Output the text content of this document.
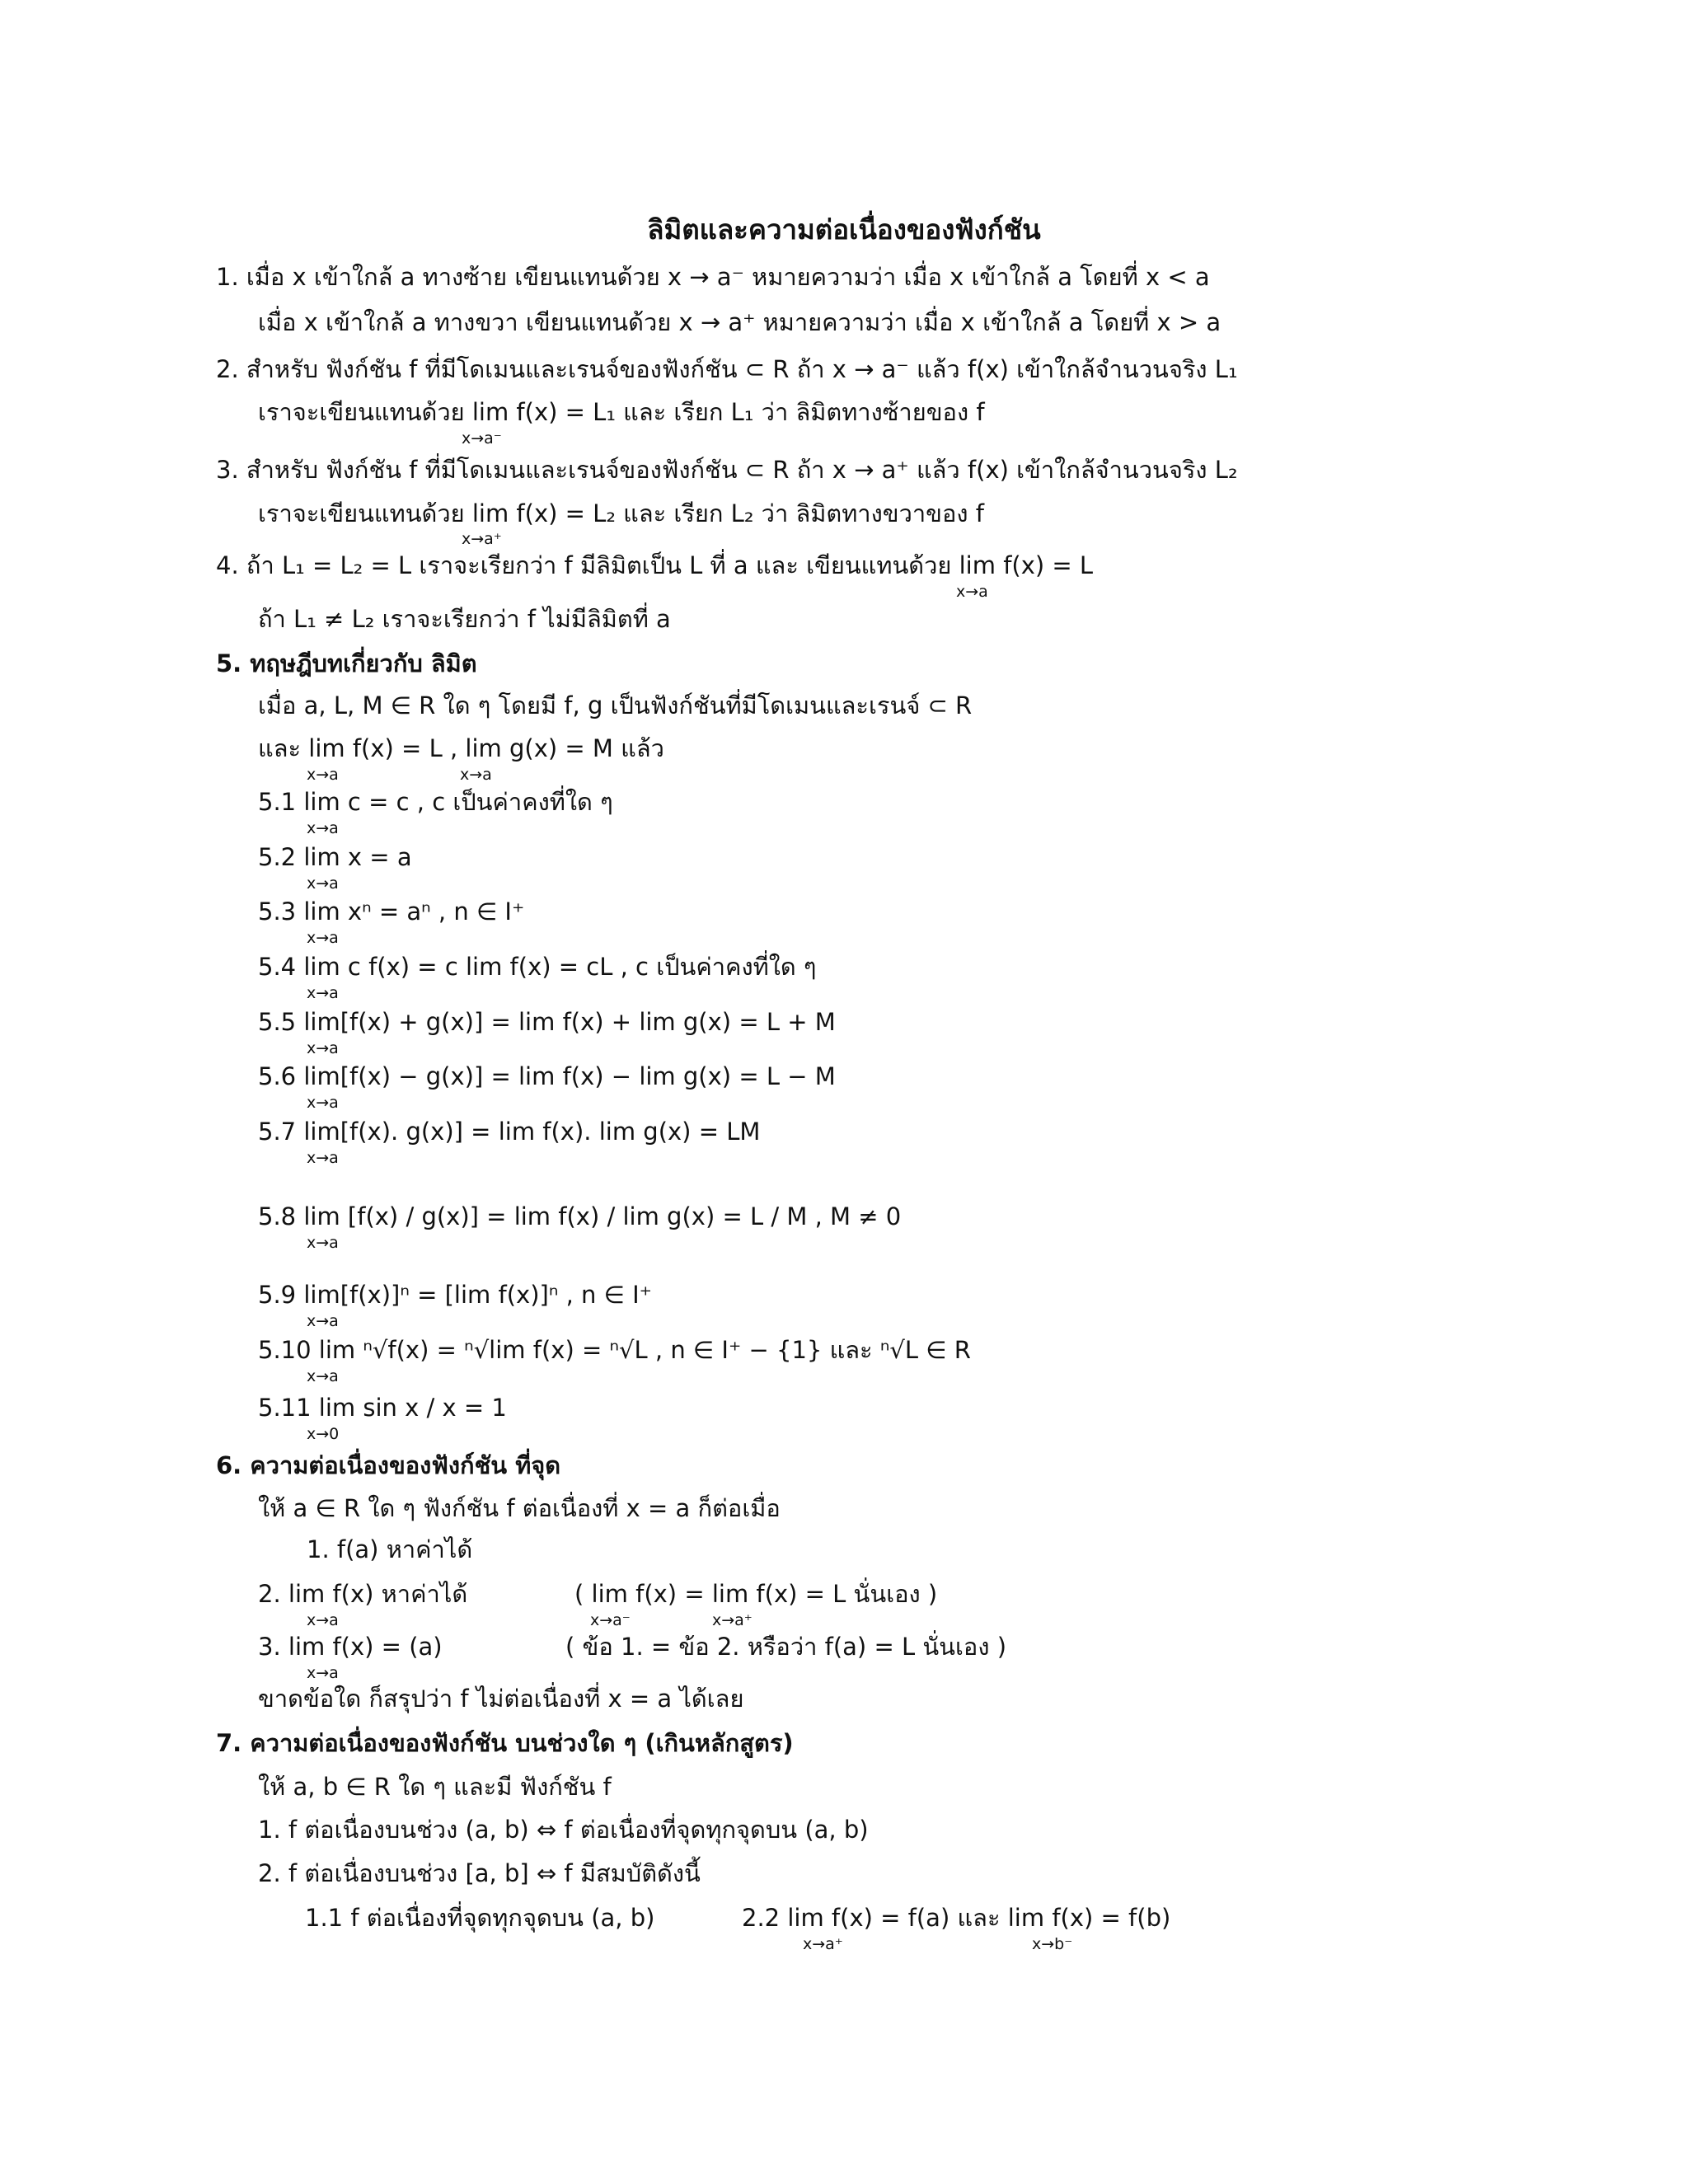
ลิมิตและความต่อเนื่องของฟังก์ชัน
1. เมื่อ x เข้าใกล้ a ทางซ้าย เขียนแทนด้วย x → a⁻ หมายความว่า เมื่อ x เข้าใกล้ a โดยที่ x < a
เมื่อ x เข้าใกล้ a ทางขวา เขียนแทนด้วย x → a⁺ หมายความว่า เมื่อ x เข้าใกล้ a โดยที่ x > a
2. สำหรับ ฟังก์ชัน f ที่มีโดเมนและเรนจ์ของฟังก์ชัน ⊂ R ถ้า x → a⁻ แล้ว f(x) เข้าใกล้จำนวนจริง L₁
เราจะเขียนแทนด้วย lim f(x) = L₁ และ เรียก L₁ ว่า ลิมิตทางซ้ายของ f
x→a⁻
3. สำหรับ ฟังก์ชัน f ที่มีโดเมนและเรนจ์ของฟังก์ชัน ⊂ R ถ้า x → a⁺ แล้ว f(x) เข้าใกล้จำนวนจริง L₂
เราจะเขียนแทนด้วย lim f(x) = L₂ และ เรียก L₂ ว่า ลิมิตทางขวาของ f
x→a⁺
4. ถ้า L₁ = L₂ = L เราจะเรียกว่า f มีลิมิตเป็น L ที่ a และ เขียนแทนด้วย lim f(x) = L
x→a
ถ้า L₁ ≠ L₂ เราจะเรียกว่า f ไม่มีลิมิตที่ a
5. ทฤษฎีบทเกี่ยวกับ ลิมิต
เมื่อ a, L, M ∈ R ใด ๆ โดยมี f, g เป็นฟังก์ชันที่มีโดเมนและเรนจ์ ⊂ R
และ lim f(x) = L , lim g(x) = M แล้ว
x→a	x→a
5.1 lim c = c , c เป็นค่าคงที่ใด ๆ
x→a
5.2 lim x = a
x→a
5.3 lim xⁿ = aⁿ , n ∈ I⁺
x→a
5.4 lim c f(x) = c lim f(x) = cL , c เป็นค่าคงที่ใด ๆ
x→a
5.5 lim[f(x) + g(x)] = lim f(x) + lim g(x) = L + M
x→a
5.6 lim[f(x) − g(x)] = lim f(x) − lim g(x) = L − M
x→a
5.7 lim[f(x). g(x)] = lim f(x). lim g(x) = LM
x→a
5.8 lim [f(x) / g(x)] = lim f(x) / lim g(x) = L / M , M ≠ 0
x→a
5.9 lim[f(x)]ⁿ = [lim f(x)]ⁿ , n ∈ I⁺
x→a
5.10 lim ⁿ√f(x) = ⁿ√lim f(x) = ⁿ√L , n ∈ I⁺ − {1} และ ⁿ√L ∈ R
x→a
5.11 lim sin x / x = 1
x→0
6. ความต่อเนื่องของฟังก์ชัน ที่จุด
ให้ a ∈ R ใด ๆ ฟังก์ชัน f ต่อเนื่องที่ x = a ก็ต่อเมื่อ
1. f(a) หาค่าได้
2. lim f(x) หาค่าได้
x→a
( lim f(x) = lim f(x) = L นั่นเอง )
x→a⁻	x→a⁺
3. lim f(x) = (a)
x→a
( ข้อ 1. = ข้อ 2. หรือว่า f(a) = L นั่นเอง )
ขาดข้อใด ก็สรุปว่า f ไม่ต่อเนื่องที่ x = a ได้เลย
7. ความต่อเนื่องของฟังก์ชัน บนช่วงใด ๆ (เกินหลักสูตร)
ให้ a, b ∈ R ใด ๆ และมี ฟังก์ชัน f
1. f ต่อเนื่องบนช่วง (a, b) ⇔ f ต่อเนื่องที่จุดทุกจุดบน (a, b)
2. f ต่อเนื่องบนช่วง [a, b] ⇔ f มีสมบัติดังนี้
1.1 f ต่อเนื่องที่จุดทุกจุดบน (a, b)	2.2 lim f(x) = f(a) และ lim f(x) = f(b)
x→a⁺	x→b⁻
